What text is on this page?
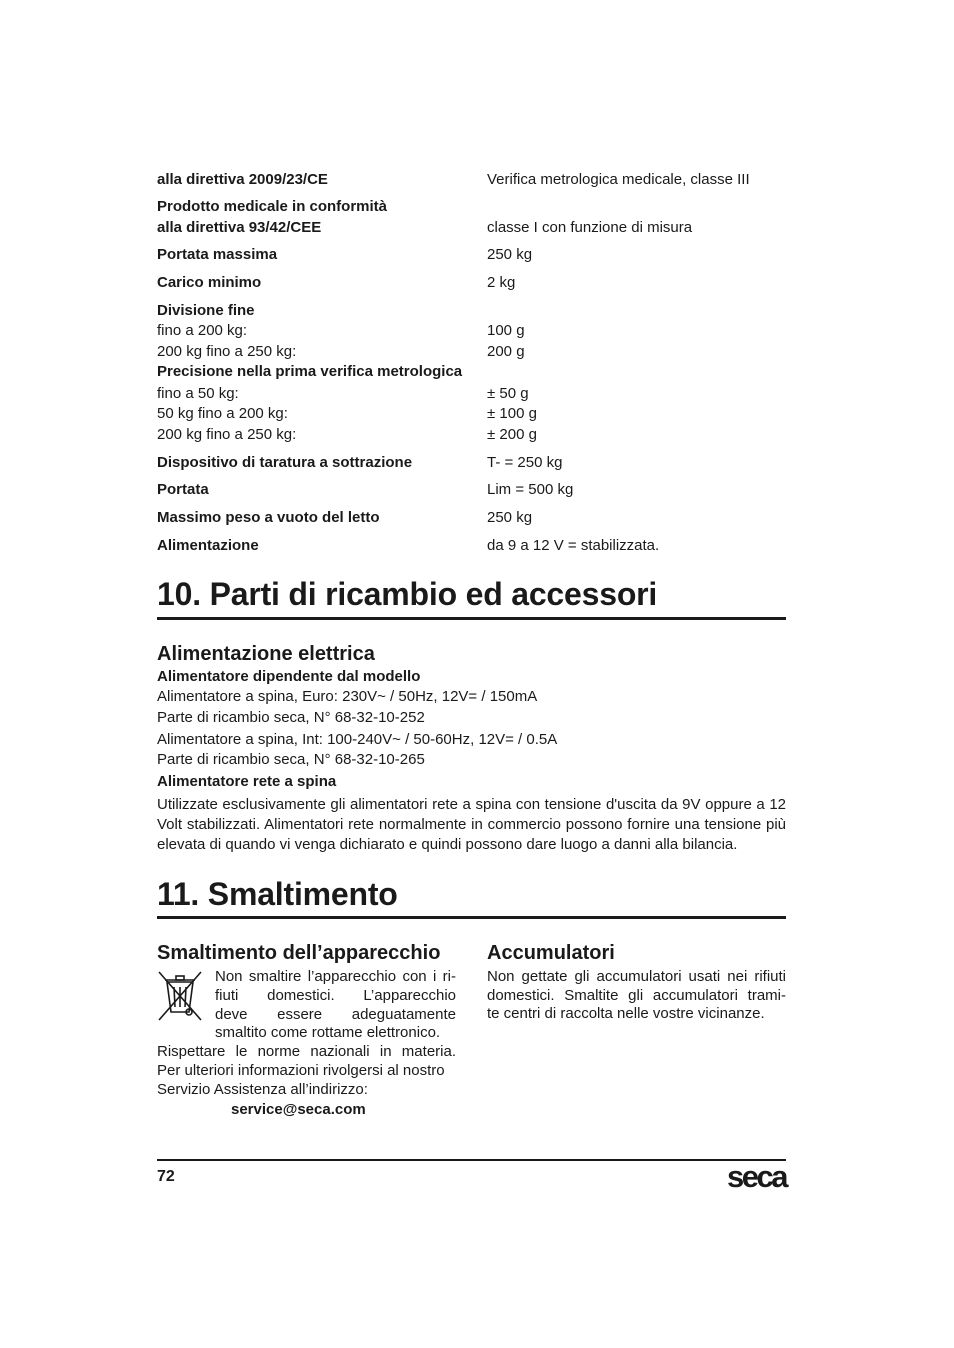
alla direttiva 2009/23/CE	Verifica metrologica medicale, classe III
Prodotto medicale in conformità
alla direttiva 93/42/CEE	classe I con funzione di misura
Portata massima	250 kg
Carico minimo	2 kg
Divisione fine
fino a 200 kg:	100 g
200 kg fino a 250 kg:	200 g
Precisione nella prima verifica metrologica
fino a 50 kg:	± 50 g
50 kg fino a 200 kg:	± 100 g
200 kg fino a 250 kg:	± 200 g
Dispositivo di taratura a sottrazione	T- = 250 kg
Portata	Lim = 500 kg
Massimo peso a vuoto del letto	250 kg
Alimentazione	da 9 a 12 V = stabilizzata.
10. Parti di ricambio ed accessori
Alimentazione elettrica
Alimentatore dipendente dal modello
Alimentatore a spina, Euro: 230V~ / 50Hz, 12V= / 150mA
Parte di ricambio seca, N° 68-32-10-252
Alimentatore a spina, Int: 100-240V~ / 50-60Hz, 12V= / 0.5A
Parte di ricambio seca, N° 68-32-10-265
Alimentatore rete a spina
Utilizzate esclusivamente gli alimentatori rete a spina con tensione d'uscita da 9V oppure a 12
Volt stabilizzati. Alimentatori rete normalmente in commercio possono fornire una tensione più
elevata di quando vi venga dichiarato e quindi possono dare luogo a danni alla bilancia.
11. Smaltimento
Smaltimento dell’apparecchio
Non smaltire l’apparecchio con i ri-
fiuti domestici. L’apparecchio
deve essere adeguatamente
smaltito come rottame elettronico.
Rispettare le norme nazionali in materia.
Per ulteriori informazioni rivolgersi al nostro
Servizio Assistenza all’indirizzo:
service@seca.com
Accumulatori
Non gettate gli accumulatori usati nei rifiuti
domestici. Smaltite gli accumulatori trami-
te centri di raccolta nelle vostre vicinanze.
72	seca
